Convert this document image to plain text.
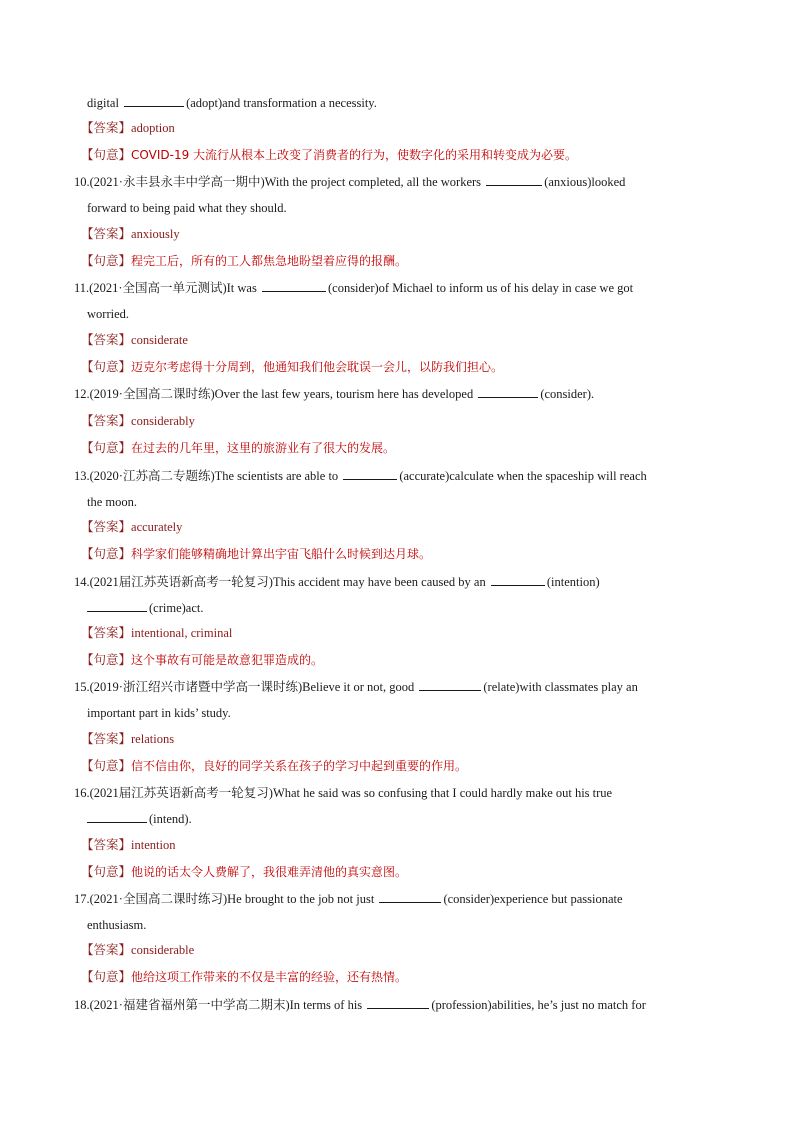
digital	(adopt)and transformation a necessity.
【答案】adoption
【句意】COVID-19 大流行从根本上改变了消费者的行为，使数字化的采用和转变成为必要。
10.(2021·永丰县永丰中学高一期中)With the project completed, all the workers	(anxious)looked
forward to being paid what they should.
【答案】anxiously
【句意】程完工后，所有的工人都焦急地盼望着应得的报酬。
11.(2021·全国高一单元测试)It was	(consider)of Michael to inform us of his delay in case we got
worried.
【答案】considerate
【句意】迈克尔考虑得十分周到，他通知我们他会耽误一会儿，以防我们担心。
12.(2019·全国高二课时练)Over the last few years, tourism here has developed	(consider).
【答案】considerably
【句意】在过去的几年里，这里的旅游业有了很大的发展。
13.(2020·江苏高二专题练)The scientists are able to	(accurate)calculate when the spaceship will reach
the moon.
【答案】accurately
【句意】科学家们能够精确地计算出宇宙飞船什么时候到达月球。
14.(2021届江苏英语新高考一轮复习)This accident may have been caused by an	(intention)
(crime)act.
【答案】intentional, criminal
【句意】这个事故有可能是故意犯罪造成的。
15.(2019·浙江绍兴市诸暨中学高一课时练)Believe it or not, good	(relate)with classmates play an
important part in kids’ study.
【答案】relations
【句意】信不信由你，良好的同学关系在孩子的学习中起到重要的作用。
16.(2021届江苏英语新高考一轮复习)What he said was so confusing that I could hardly make out his true
(intend).
【答案】intention
【句意】他说的话太令人费解了，我很难弄清他的真实意图。
17.(2021·全国高二课时练习)He brought to the job not just	(consider)experience but passionate
enthusiasm.
【答案】considerable
【句意】他给这项工作带来的不仅是丰富的经验，还有热情。
18.(2021·福建省福州第一中学高二期末)In terms of his	(profession)abilities, he’s just no match for
